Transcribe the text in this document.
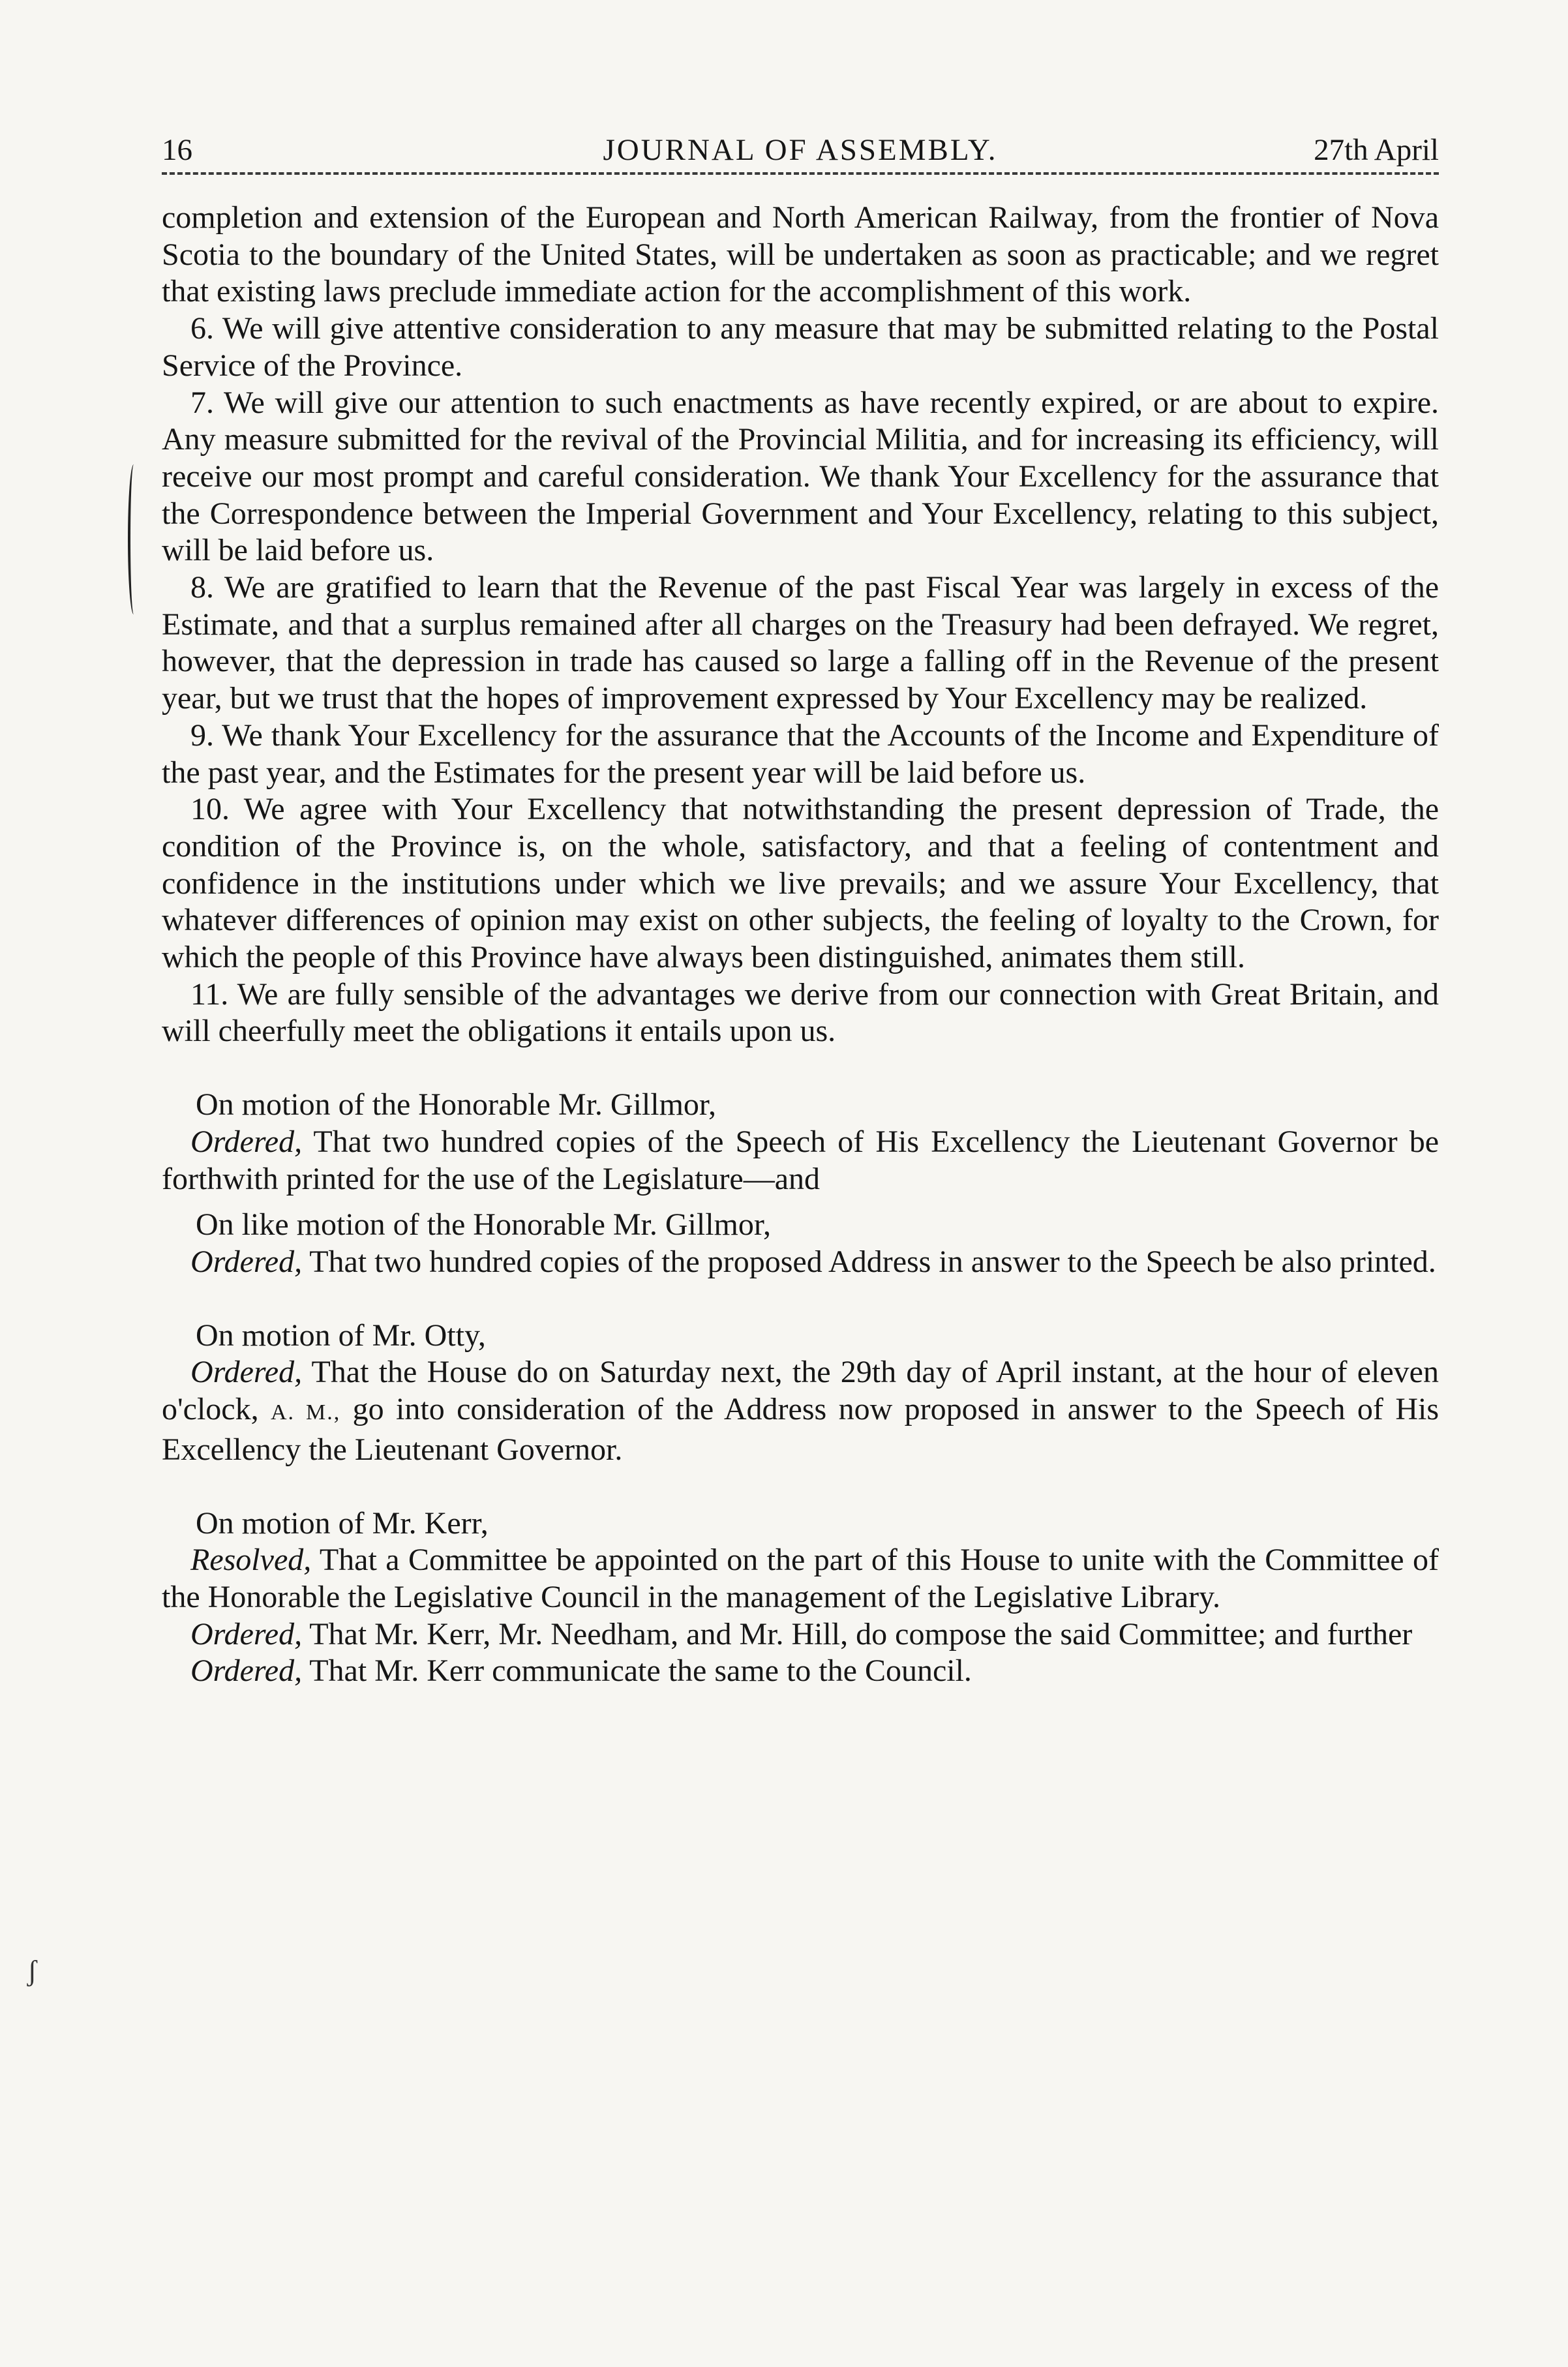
ʃ
16	JOURNAL OF ASSEMBLY.	27th April

completion and extension of the European and North American Railway, from the frontier of Nova Scotia to the boundary of the United States, will be undertaken as soon as practicable; and we regret that existing laws preclude immediate action for the accomplishment of this work.

6. We will give attentive consideration to any measure that may be submitted relating to the Postal Service of the Province.

7. We will give our attention to such enactments as have recently expired, or are about to expire. Any measure submitted for the revival of the Provincial Militia, and for increasing its efficiency, will receive our most prompt and careful consideration. We thank Your Excellency for the assurance that the Correspondence between the Imperial Government and Your Excellency, relating to this subject, will be laid before us.

8. We are gratified to learn that the Revenue of the past Fiscal Year was largely in excess of the Estimate, and that a surplus remained after all charges on the Treasury had been defrayed. We regret, however, that the depression in trade has caused so large a falling off in the Revenue of the present year, but we trust that the hopes of improvement expressed by Your Excellency may be realized.

9. We thank Your Excellency for the assurance that the Accounts of the Income and Expenditure of the past year, and the Estimates for the present year will be laid before us.

10. We agree with Your Excellency that notwithstanding the present depression of Trade, the condition of the Province is, on the whole, satisfactory, and that a feeling of contentment and confidence in the institutions under which we live prevails; and we assure Your Excellency, that whatever differences of opinion may exist on other subjects, the feeling of loyalty to the Crown, for which the people of this Province have always been distinguished, animates them still.

11. We are fully sensible of the advantages we derive from our connection with Great Britain, and will cheerfully meet the obligations it entails upon us.

On motion of the Honorable Mr. Gillmor,

Ordered, That two hundred copies of the Speech of His Excellency the Lieutenant Governor be forthwith printed for the use of the Legislature—and

On like motion of the Honorable Mr. Gillmor,

Ordered, That two hundred copies of the proposed Address in answer to the Speech be also printed.

On motion of Mr. Otty,

Ordered, That the House do on Saturday next, the 29th day of April instant, at the hour of eleven o'clock, A. M., go into consideration of the Address now proposed in answer to the Speech of His Excellency the Lieutenant Governor.

On motion of Mr. Kerr,

Resolved, That a Committee be appointed on the part of this House to unite with the Committee of the Honorable the Legislative Council in the management of the Legislative Library.

Ordered, That Mr. Kerr, Mr. Needham, and Mr. Hill, do compose the said Committee; and further

Ordered, That Mr. Kerr communicate the same to the Council.
